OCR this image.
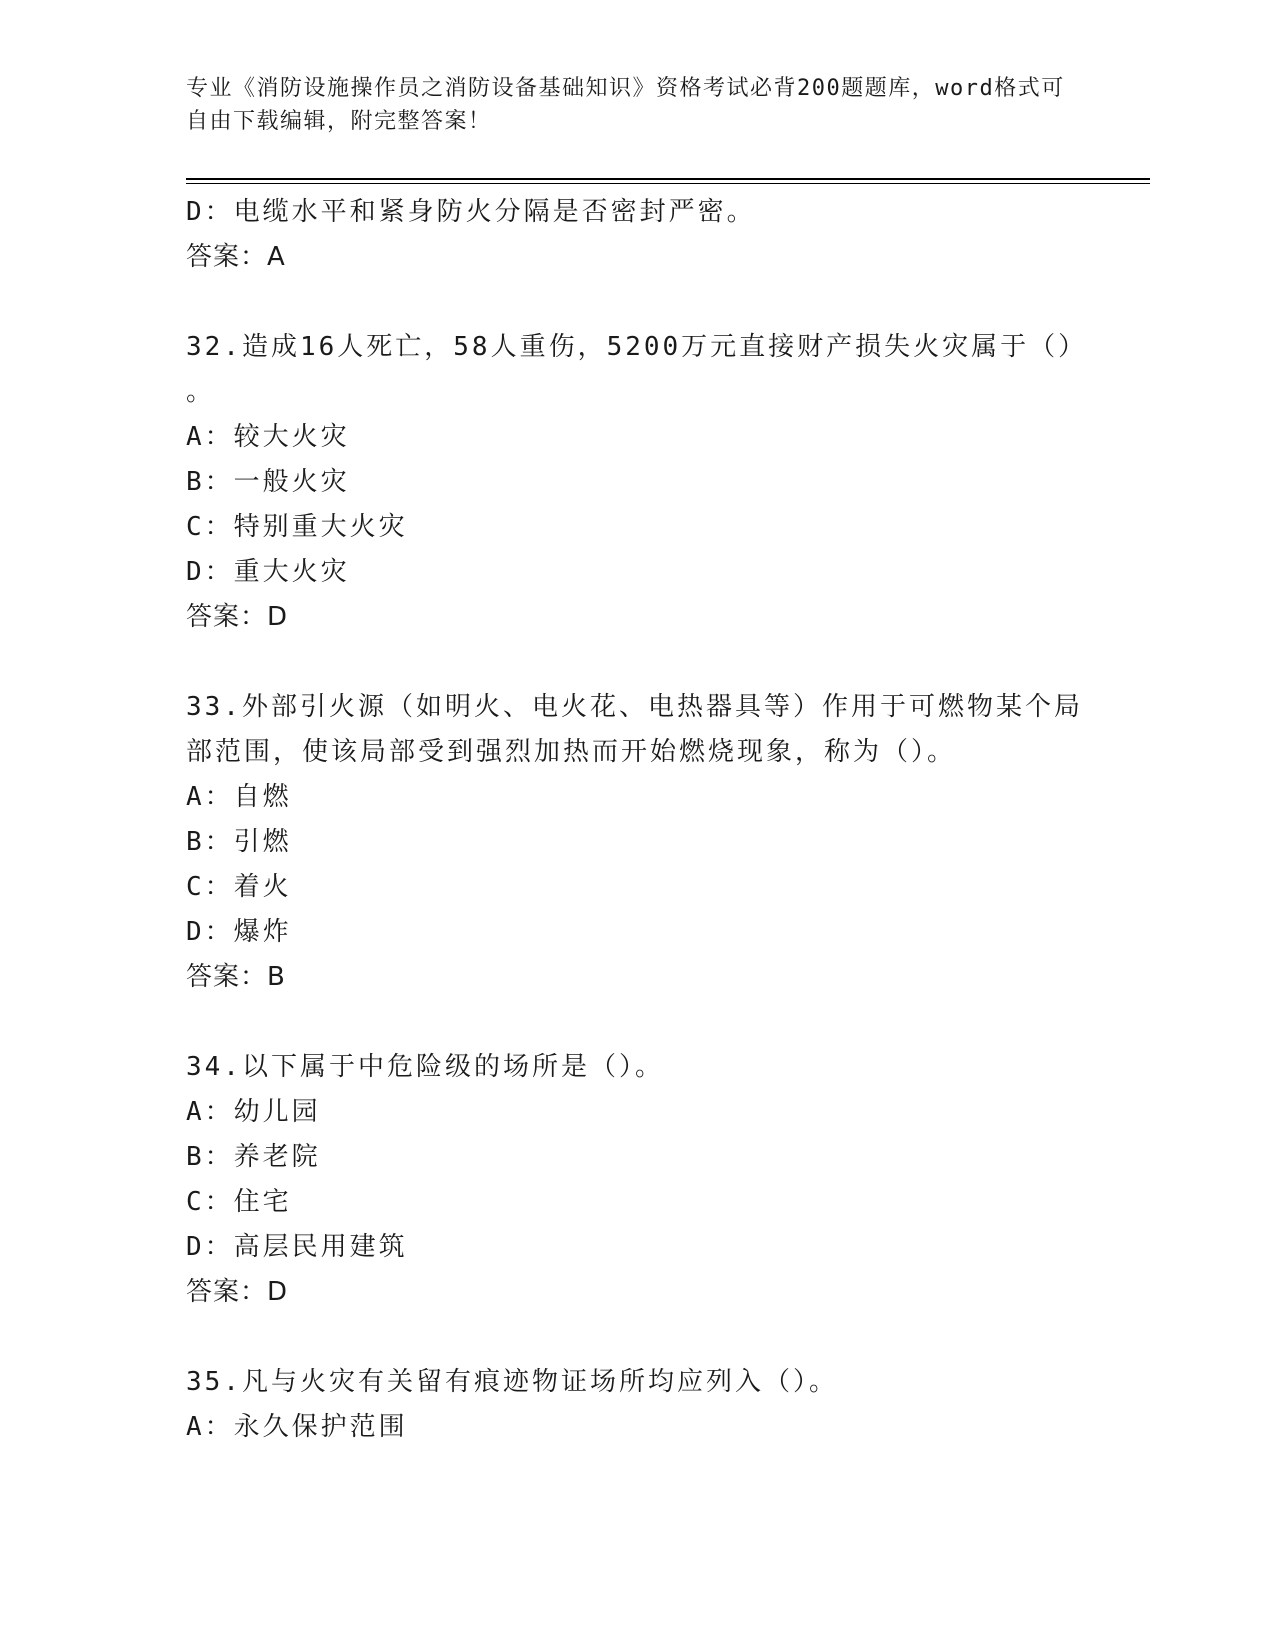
专业《消防设施操作员之消防设备基础知识》资格考试必背200题题库，word格式可自由下载编辑，附完整答案！
D：电缆水平和紧身防火分隔是否密封严密。
答案：A
32.造成16人死亡，58人重伤，5200万元直接财产损失火灾属于（）
。
A：较大火灾
B：一般火灾
C：特别重大火灾
D：重大火灾
答案：D
33.外部引火源（如明火、电火花、电热器具等）作用于可燃物某个局
部范围，使该局部受到强烈加热而开始燃烧现象，称为（）。
A：自燃
B：引燃
C：着火
D：爆炸
答案：B
34.以下属于中危险级的场所是（）。
A：幼儿园
B：养老院
C：住宅
D：高层民用建筑
答案：D
35.凡与火灾有关留有痕迹物证场所均应列入（）。
A：永久保护范围
